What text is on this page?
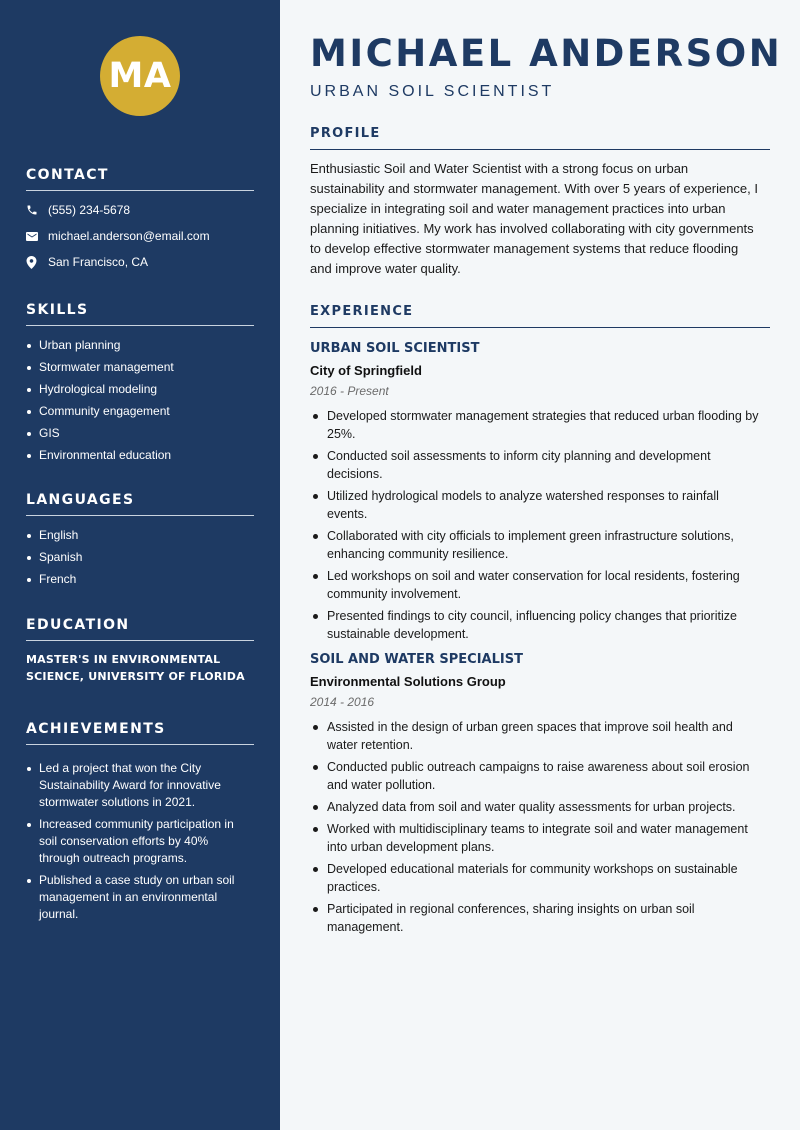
MA
CONTACT
(555) 234-5678
michael.anderson@email.com
San Francisco, CA
SKILLS
Urban planning
Stormwater management
Hydrological modeling
Community engagement
GIS
Environmental education
LANGUAGES
English
Spanish
French
EDUCATION
MASTER'S IN ENVIRONMENTAL
SCIENCE, UNIVERSITY OF FLORIDA
ACHIEVEMENTS
Led a project that won the City
Sustainability Award for innovative
stormwater solutions in 2021.
Increased community participation in
soil conservation efforts by 40%
through outreach programs.
Published a case study on urban soil
management in an environmental
journal.
MICHAEL ANDERSON
URBAN SOIL SCIENTIST
PROFILE
Enthusiastic Soil and Water Scientist with a strong focus on urban
sustainability and stormwater management. With over 5 years of experience, I
specialize in integrating soil and water management practices into urban
planning initiatives. My work has involved collaborating with city governments
to develop effective stormwater management systems that reduce flooding
and improve water quality.
EXPERIENCE
URBAN SOIL SCIENTIST
City of Springfield
2016 - Present
Developed stormwater management strategies that reduced urban flooding by
25%.
Conducted soil assessments to inform city planning and development
decisions.
Utilized hydrological models to analyze watershed responses to rainfall
events.
Collaborated with city officials to implement green infrastructure solutions,
enhancing community resilience.
Led workshops on soil and water conservation for local residents, fostering
community involvement.
Presented findings to city council, influencing policy changes that prioritize
sustainable development.
SOIL AND WATER SPECIALIST
Environmental Solutions Group
2014 - 2016
Assisted in the design of urban green spaces that improve soil health and
water retention.
Conducted public outreach campaigns to raise awareness about soil erosion
and water pollution.
Analyzed data from soil and water quality assessments for urban projects.
Worked with multidisciplinary teams to integrate soil and water management
into urban development plans.
Developed educational materials for community workshops on sustainable
practices.
Participated in regional conferences, sharing insights on urban soil
management.
